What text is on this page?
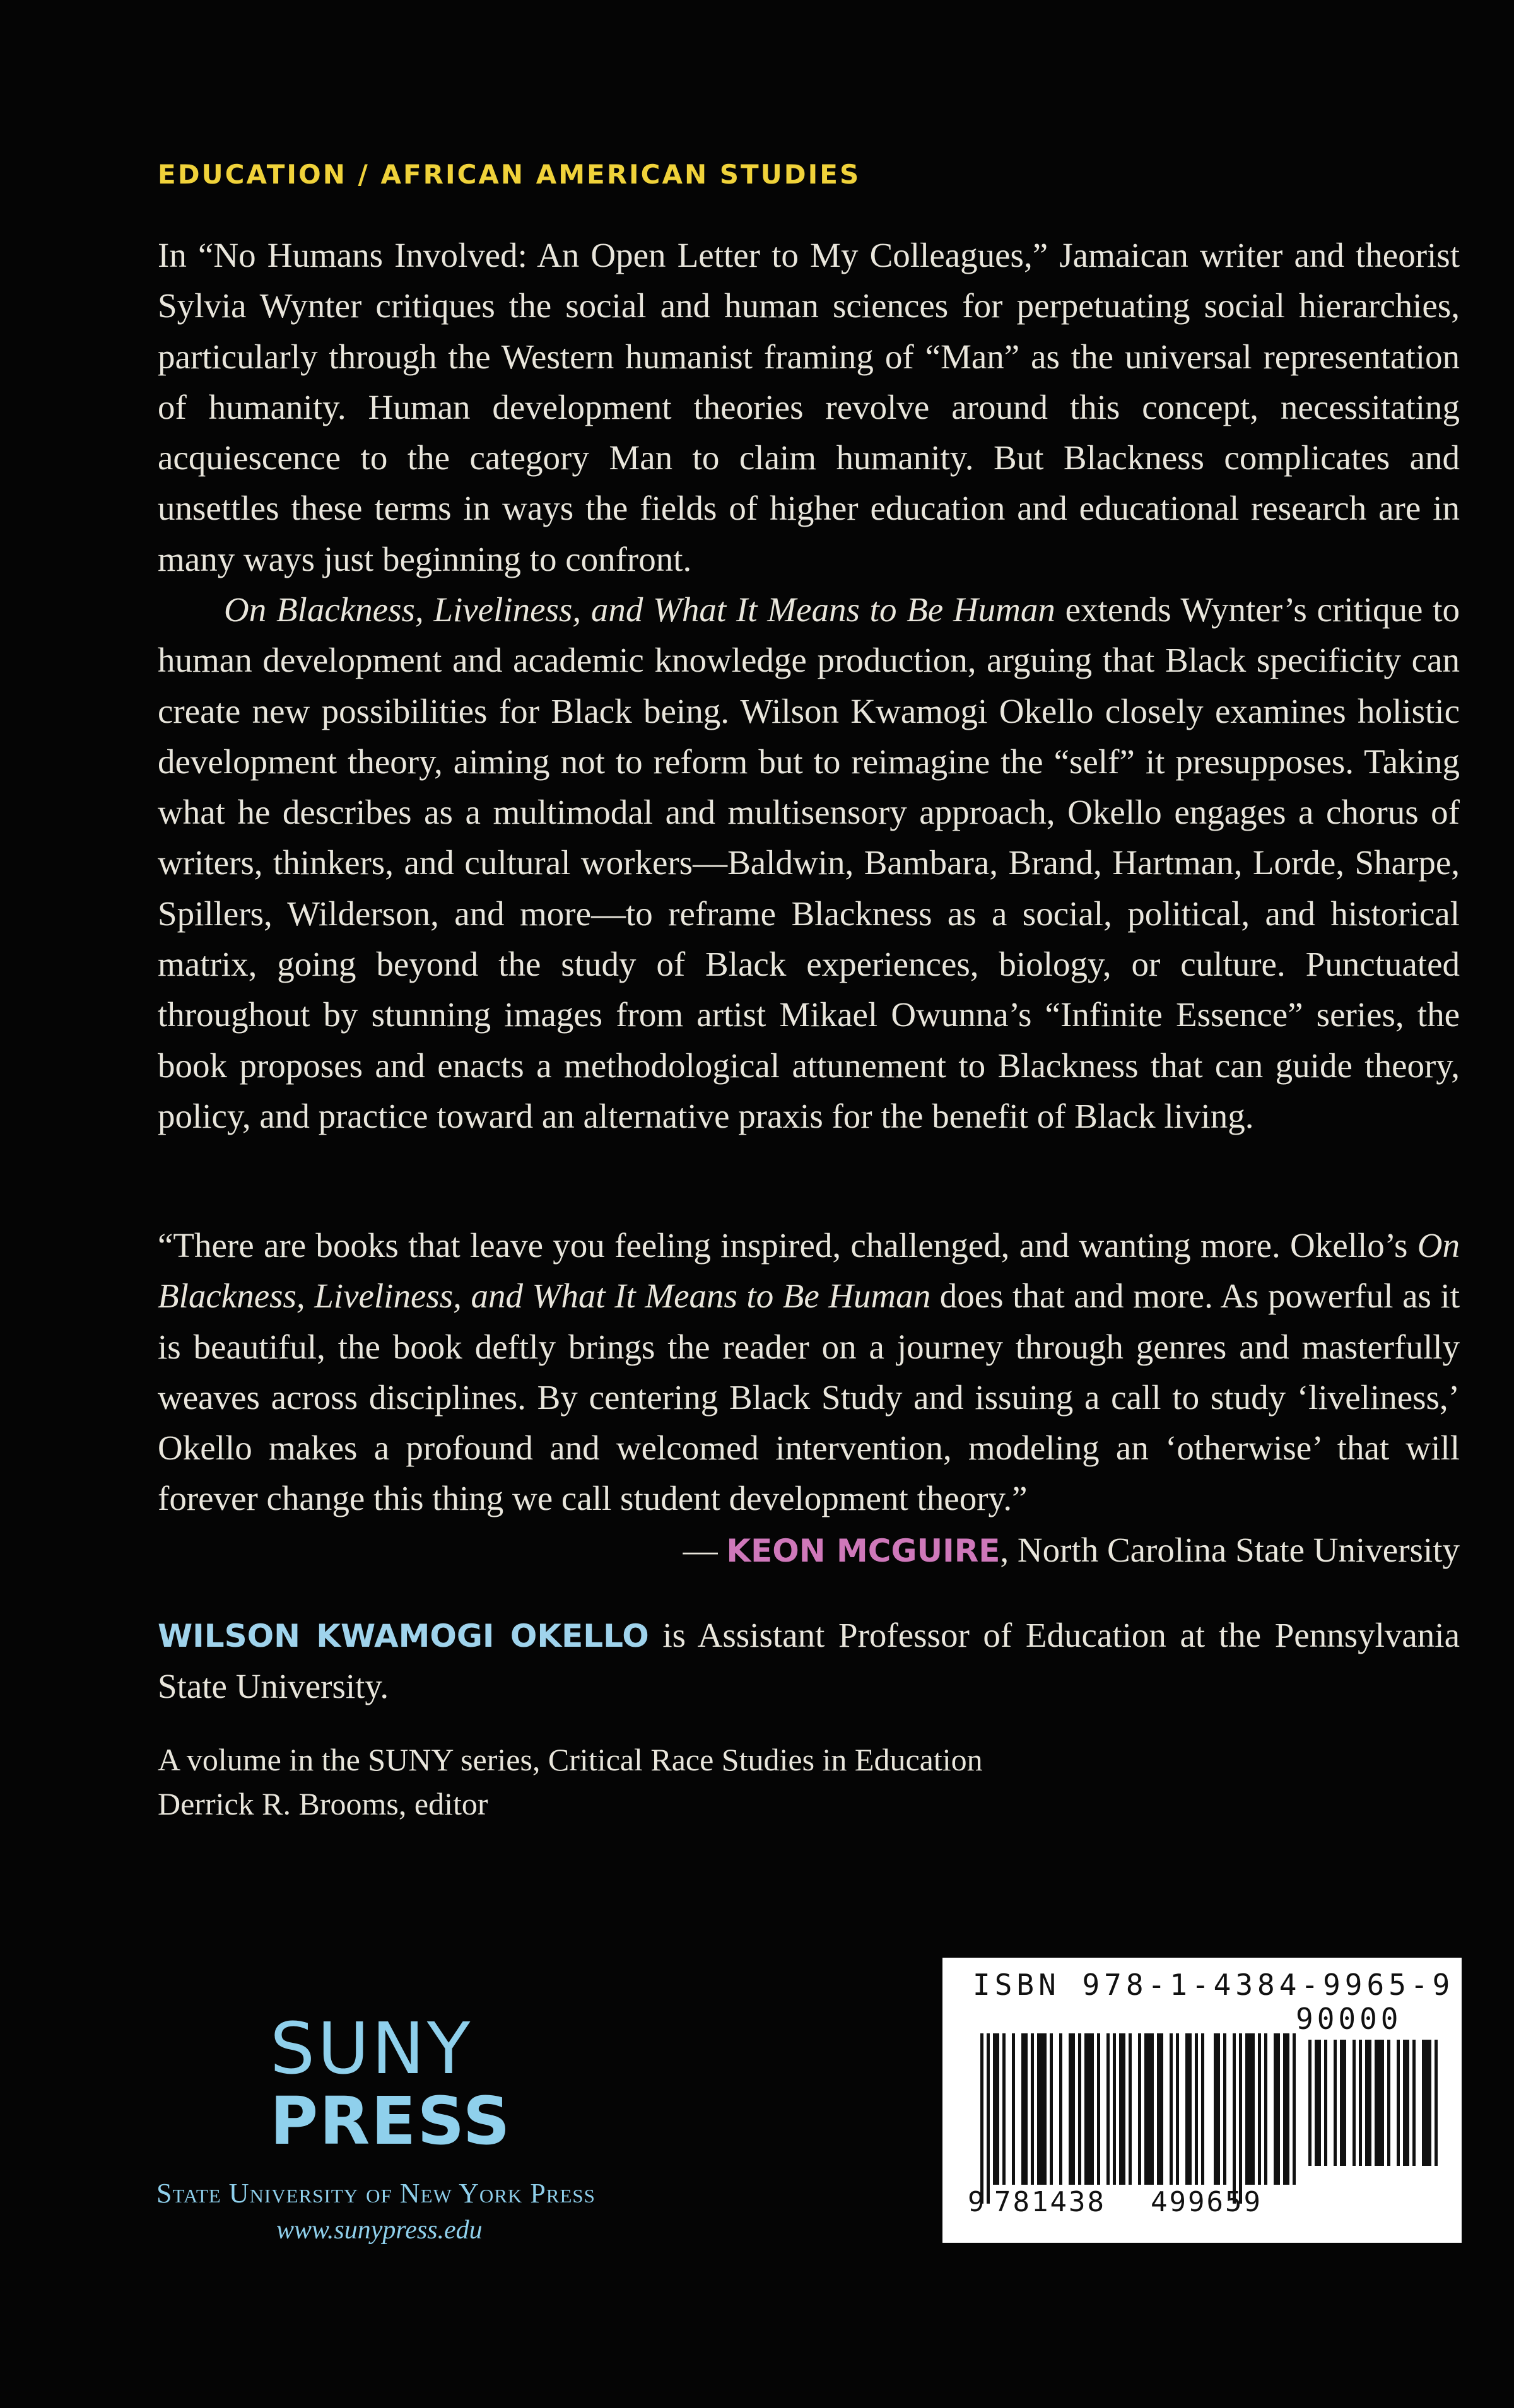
EDUCATION / AFRICAN AMERICAN STUDIES

In “No Humans Involved: An Open Letter to My Colleagues,” Jamaican writer and theorist Sylvia Wynter critiques the social and human sciences for perpetuating social hierarchies, particularly through the Western humanist framing of “Man” as the universal representation of humanity. Human development theories revolve around this concept, necessitating acquiescence to the category Man to claim humanity. But Blackness complicates and unsettles these terms in ways the fields of higher education and educational research are in many ways just beginning to confront.

On Blackness, Liveliness, and What It Means to Be Human extends Wynter’s critique to human development and academic knowledge production, arguing that Black specificity can create new possibilities for Black being. Wilson Kwamogi Okello closely examines holistic development theory, aiming not to reform but to reimagine the “self” it presupposes. Taking what he describes as a multimodal and multisensory approach, Okello engages a chorus of writers, thinkers, and cultural workers—Baldwin, Bambara, Brand, Hartman, Lorde, Sharpe, Spillers, Wilderson, and more—to reframe Blackness as a social, political, and historical matrix, going beyond the study of Black experiences, biology, or culture. Punctuated throughout by stunning images from artist Mikael Owunna’s “Infinite Essence” series, the book proposes and enacts a methodological attunement to Blackness that can guide theory, policy, and practice toward an alternative praxis for the benefit of Black living.

“There are books that leave you feeling inspired, challenged, and wanting more. Okello’s On Blackness, Liveliness, and What It Means to Be Human does that and more. As powerful as it is beautiful, the book deftly brings the reader on a journey through genres and masterfully weaves across disciplines. By centering Black Study and issuing a call to study ‘liveliness,’ Okello makes a profound and welcomed intervention, modeling an ‘otherwise’ that will forever change this thing we call student development theory.”

— KEON MCGUIRE, North Carolina State University

WILSON KWAMOGI OKELLO is Assistant Professor of Education at the Pennsylvania State University.

A volume in the SUNY series, Critical Race Studies in Education
Derrick R. Brooms, editor
SUNY
PRESS
State University of New York Press
www.sunypress.edu
ISBN 978-1-4384-9965-9
90000
9 781438 499659
